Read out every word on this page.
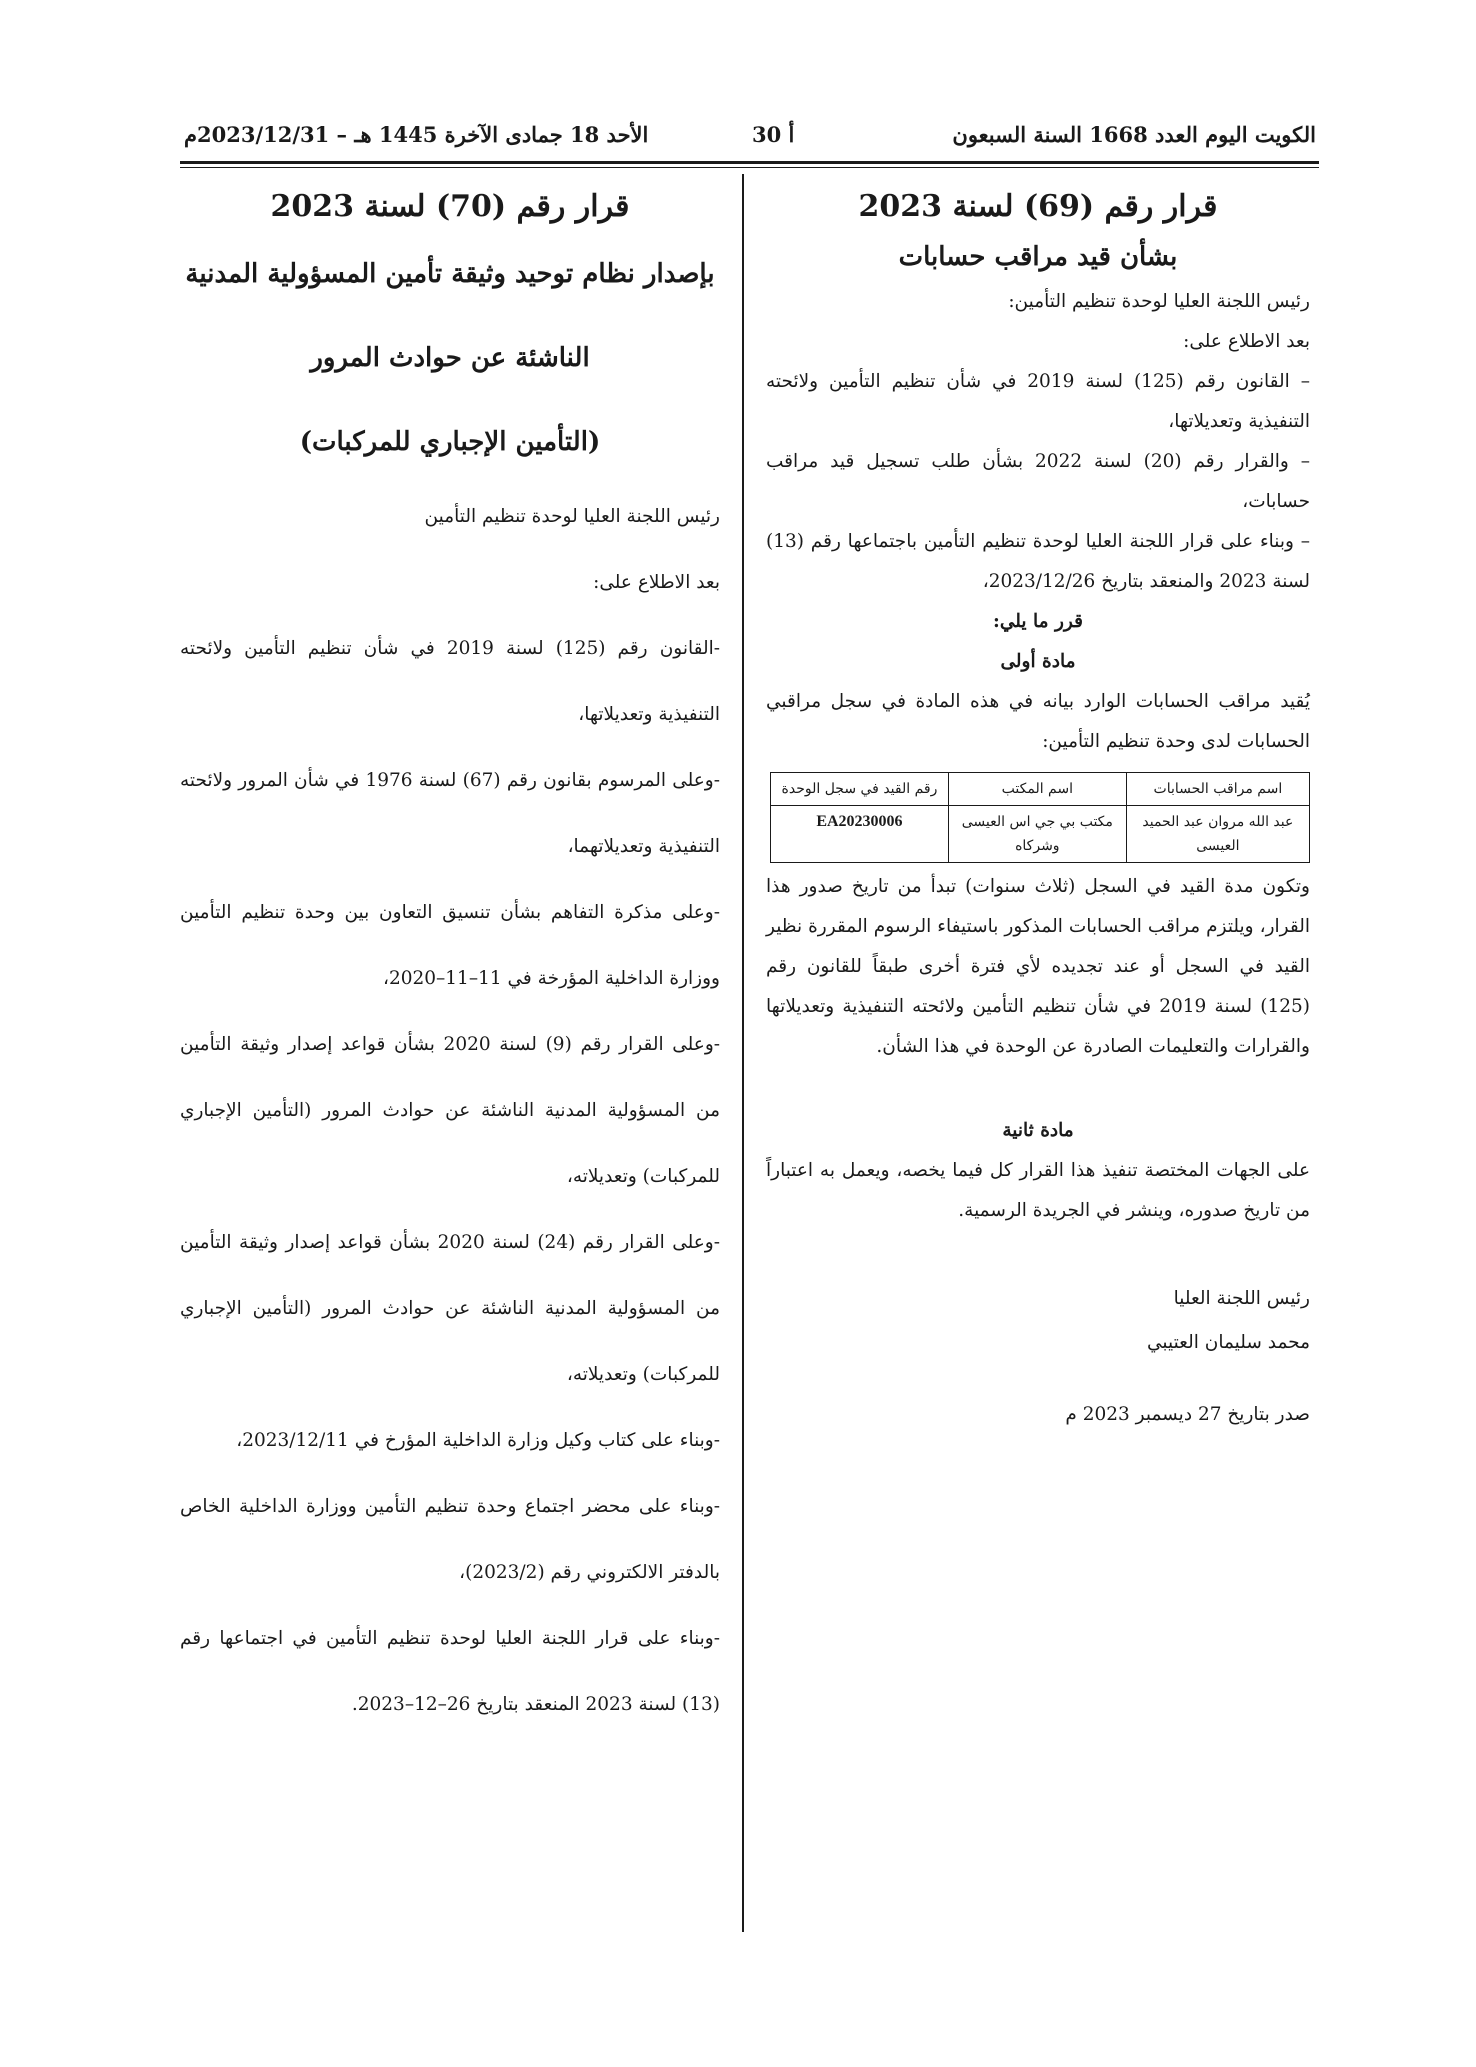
الكويت اليوم العدد 1668 السنة السبعون
أ 30
الأحد 18 جمادى الآخرة 1445 هـ – 2023/12/31م
قرار رقم (69) لسنة 2023
بشأن قيد مراقب حسابات

رئيس اللجنة العليا لوحدة تنظيم التأمين:

بعد الاطلاع على:

– القانون رقم (125) لسنة 2019 في شأن تنظيم التأمين ولائحته التنفيذية وتعديلاتها،

– والقرار رقم (20) لسنة 2022 بشأن طلب تسجيل قيد مراقب حسابات،

– وبناء على قرار اللجنة العليا لوحدة تنظيم التأمين باجتماعها رقم (13) لسنة 2023 والمنعقد بتاريخ 2023/12/26،

قرر ما يلي:

مادة أولى

يُقيد مراقب الحسابات الوارد بيانه في هذه المادة في سجل مراقبي الحسابات لدى وحدة تنظيم التأمين:

اسم مراقب الحسابات	اسم المكتب	رقم القيد في سجل الوحدة
عبد الله مروان عبد الحميد العيسى	مكتب بي جي اس العيسى وشركاه	EA20230006

وتكون مدة القيد في السجل (ثلاث سنوات) تبدأ من تاريخ صدور هذا القرار، ويلتزم مراقب الحسابات المذكور باستيفاء الرسوم المقررة نظير القيد في السجل أو عند تجديده لأي فترة أخرى طبقاً للقانون رقم (125) لسنة 2019 في شأن تنظيم التأمين ولائحته التنفيذية وتعديلاتها والقرارات والتعليمات الصادرة عن الوحدة في هذا الشأن.

مادة ثانية

على الجهات المختصة تنفيذ هذا القرار كل فيما يخصه، ويعمل به اعتباراً من تاريخ صدوره، وينشر في الجريدة الرسمية.

رئيس اللجنة العليا
محمد سليمان العتيبي

صدر بتاريخ 27 ديسمبر 2023 م

قرار رقم (70) لسنة 2023
بإصدار نظام توحيد وثيقة تأمين المسؤولية المدنية
الناشئة عن حوادث المرور
(التأمين الإجباري للمركبات)

رئيس اللجنة العليا لوحدة تنظيم التأمين

بعد الاطلاع على:

-القانون رقم (125) لسنة 2019 في شأن تنظيم التأمين ولائحته التنفيذية وتعديلاتها،

-وعلى المرسوم بقانون رقم (67) لسنة 1976 في شأن المرور ولائحته التنفيذية وتعديلاتهما،

-وعلى مذكرة التفاهم بشأن تنسيق التعاون بين وحدة تنظيم التأمين ووزارة الداخلية المؤرخة في 11–11–2020،

-وعلى القرار رقم (9) لسنة 2020 بشأن قواعد إصدار وثيقة التأمين من المسؤولية المدنية الناشئة عن حوادث المرور (التأمين الإجباري للمركبات) وتعديلاته،

-وعلى القرار رقم (24) لسنة 2020 بشأن قواعد إصدار وثيقة التأمين من المسؤولية المدنية الناشئة عن حوادث المرور (التأمين الإجباري للمركبات) وتعديلاته،

-وبناء على كتاب وكيل وزارة الداخلية المؤرخ في 2023/12/11،

-وبناء على محضر اجتماع وحدة تنظيم التأمين ووزارة الداخلية الخاص بالدفتر الالكتروني رقم (2023/2)،

-وبناء على قرار اللجنة العليا لوحدة تنظيم التأمين في اجتماعها رقم (13) لسنة 2023 المنعقد بتاريخ 26–12–2023.
